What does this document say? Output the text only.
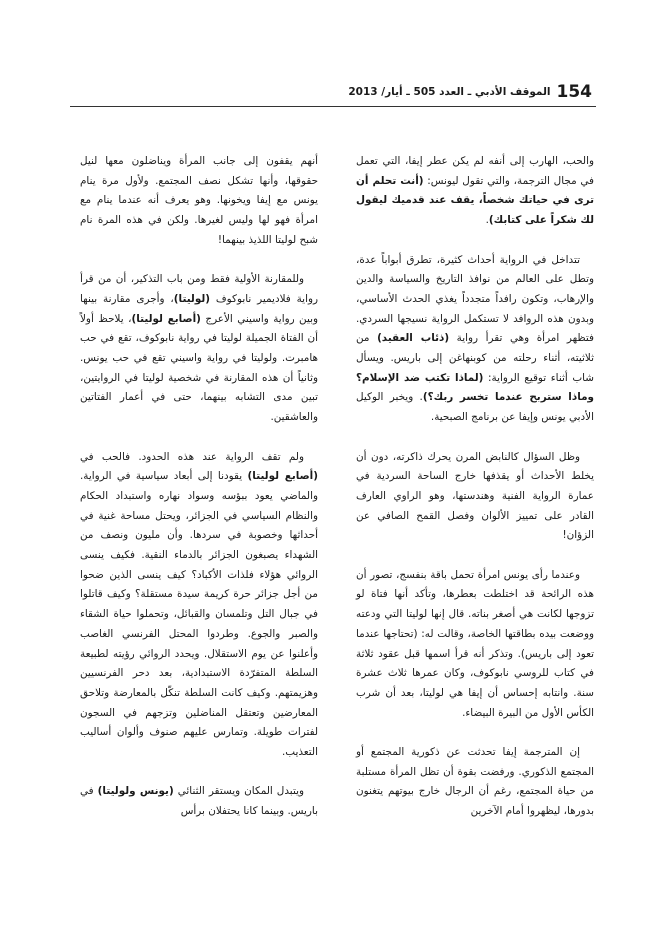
154
الموقف الأدبي ـ العدد 505 ـ أيار/ 2013

والحب، الهارب إلى أنفه لم يكن عطر إيفا، التي تعمل في مجال الترجمة، والتي تقول ليونس: (أنت تحلم أن ترى في حياتك شخصاً، يقف عند قدميك ليقول لك شكراً على كتابك).

تتداخل في الرواية أحداث كثيرة، تطرق أبواباً عدة، وتطل على العالم من نوافذ التاريخ والسياسة والدين والإرهاب، وتكون رافداً متجدداً يغذي الحدث الأساسي، وبدون هذه الروافد لا تستكمل الرواية نسيجها السردي. فتظهر امرأة وهي تقرأ رواية (ذئاب العقيد) من ثلاثيته، أثناء رحلته من كوبنهاغن إلى باريس. ويسأل شاب أثناء توقيع الرواية: (لماذا تكتب ضد الإسلام؟ وماذا ستربح عندما تخسر ربك؟). ويخبر الوكيل الأدبي يونس وإيفا عن برنامج الصبحية.

وظل السؤال كالنابض المرن يحرك ذاكرته، دون أن يخلط الأحداث أو يقذفها خارج الساحة السردية في عمارة الرواية الفنية وهندستها، وهو الراوي العارف القادر على تمييز الألوان وفصل القمح الصافي عن الزؤان!

وعندما رأى يونس امرأة تحمل باقة بنفسج، تصور أن هذه الرائحة قد اختلطت بعطرها، وتأكد أنها فتاة لو تزوجها لكانت هي أصغر بناته. قال إنها لوليتا التي ودعته ووضعت بيده بطاقتها الخاصة، وقالت له: (تحتاجها عندما تعود إلى باريس). وتذكر أنه قرأ اسمها قبل عقود ثلاثة في كتاب للروسي نابوكوف، وكان عمرها ثلاث عشرة سنة. وانتابه إحساس أن إيفا هي لوليتا، بعد أن شرب الكأس الأول من البيرة البيضاء.

إن المترجمة إيفا تحدثت عن ذكورية المجتمع أو المجتمع الذكوري. ورفضت بقوة أن تظل المرأة مستلبة من حياة المجتمع، رغم أن الرجال خارج بيوتهم يتغنون بدورها، ليظهروا أمام الآخرين

أنهم يقفون إلى جانب المرأة ويناضلون معها لنيل حقوقها، وأنها تشكل نصف المجتمع. ولأول مرة ينام يونس مع إيفا ويخونها. وهو يعرف أنه عندما ينام مع امرأة فهو لها وليس لغيرها. ولكن في هذه المرة نام شبح لوليتا اللذيذ بينهما!

وللمقارنة الأولية فقط ومن باب التذكير، أن من قرأ رواية فلاديمير نابوكوف (لوليتا)، وأجرى مقارنة بينها وبين رواية واسيني الأعرج (أصابع لوليتا)، يلاحظ أولاً أن الفتاة الجميلة لوليتا في رواية نابوكوف، تقع في حب هامبرت. ولوليتا في رواية واسيني تقع في حب يونس. وثانياً أن هذه المقارنة في شخصية لوليتا في الروايتين، تبين مدى التشابه بينهما، حتى في أعمار الفتاتين والعاشقين.

ولم تقف الرواية عند هذه الحدود. فالحب في (أصابع لوليتا) يقودنا إلى أبعاد سياسية في الرواية. والماضي يعود ببؤسه وسواد نهاره واستبداد الحكام والنظام السياسي في الجزائر، ويحتل مساحة غنية في أحداثها وخصوبة في سردها. وأن مليون ونصف من الشهداء يصبغون الجزائر بالدماء النقية. فكيف ينسى الروائي هؤلاء فلذات الأكباد؟ كيف ينسى الذين ضحوا من أجل جزائر حرة كريمة سيدة مستقلة؟ وكيف قاتلوا في جبال التل وتلمسان والقبائل، وتحملوا حياة الشقاء والصبر والجوع. وطردوا المحتل الفرنسي الغاصب وأعلنوا عن يوم الاستقلال. ويحدد الروائي رؤيته لطبيعة السلطة المتفرّدة الاستبدادية، بعد دحر الفرنسيين وهزيمتهم. وكيف كانت السلطة تنكّل بالمعارضة وتلاحق المعارضين وتعتقل المناضلين وتزجهم في السجون لفترات طويلة. وتمارس عليهم صنوف وألوان أساليب التعذيب.

ويتبدل المكان ويستقر الثنائي (يونس ولوليتا) في باريس. وبينما كانا يحتفلان برأس
